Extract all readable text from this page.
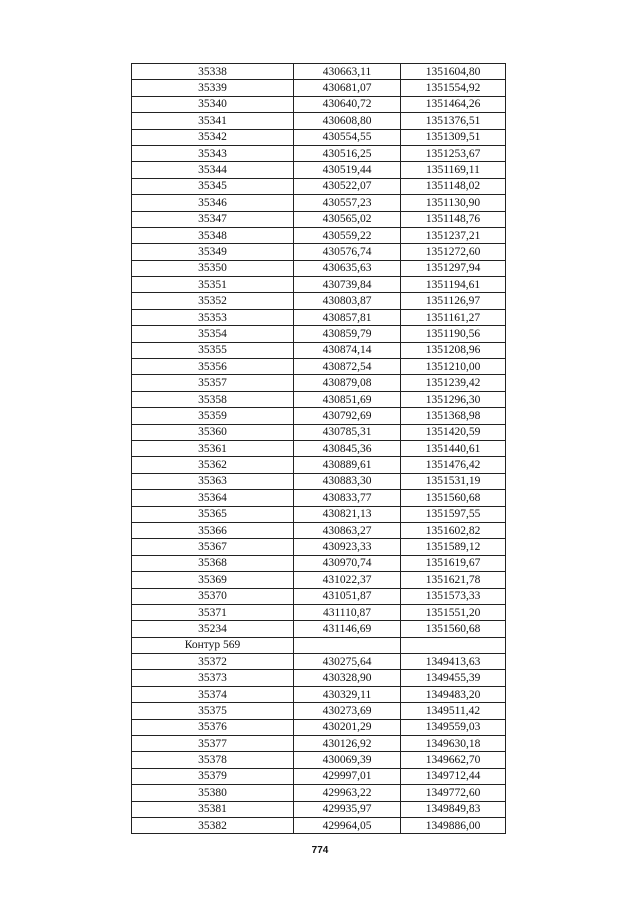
35338	430663,11	1351604,80
35339	430681,07	1351554,92
35340	430640,72	1351464,26
35341	430608,80	1351376,51
35342	430554,55	1351309,51
35343	430516,25	1351253,67
35344	430519,44	1351169,11
35345	430522,07	1351148,02
35346	430557,23	1351130,90
35347	430565,02	1351148,76
35348	430559,22	1351237,21
35349	430576,74	1351272,60
35350	430635,63	1351297,94
35351	430739,84	1351194,61
35352	430803,87	1351126,97
35353	430857,81	1351161,27
35354	430859,79	1351190,56
35355	430874,14	1351208,96
35356	430872,54	1351210,00
35357	430879,08	1351239,42
35358	430851,69	1351296,30
35359	430792,69	1351368,98
35360	430785,31	1351420,59
35361	430845,36	1351440,61
35362	430889,61	1351476,42
35363	430883,30	1351531,19
35364	430833,77	1351560,68
35365	430821,13	1351597,55
35366	430863,27	1351602,82
35367	430923,33	1351589,12
35368	430970,74	1351619,67
35369	431022,37	1351621,78
35370	431051,87	1351573,33
35371	431110,87	1351551,20
35234	431146,69	1351560,68
Контур 569		
35372	430275,64	1349413,63
35373	430328,90	1349455,39
35374	430329,11	1349483,20
35375	430273,69	1349511,42
35376	430201,29	1349559,03
35377	430126,92	1349630,18
35378	430069,39	1349662,70
35379	429997,01	1349712,44
35380	429963,22	1349772,60
35381	429935,97	1349849,83
35382	429964,05	1349886,00
774
